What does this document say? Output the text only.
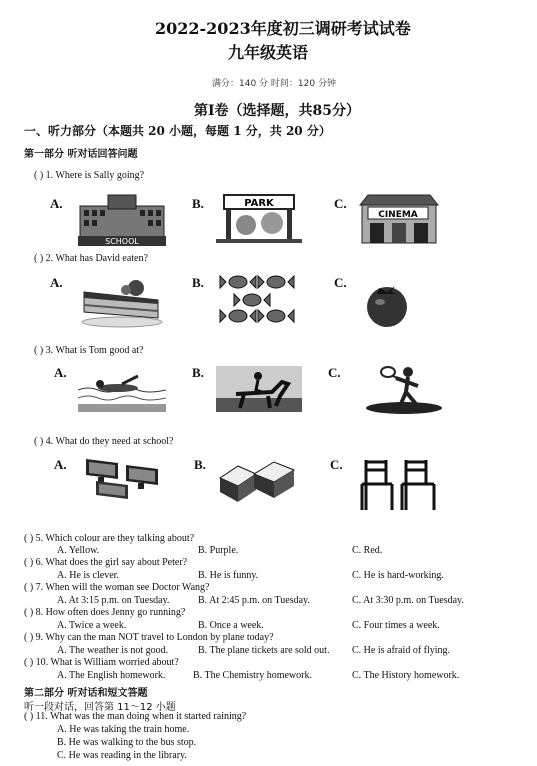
2022-2023年度初三调研考试试卷
九年级英语
满分：140 分 时间：120 分钟
第Ⅰ卷（选择题，共85分）
一、听力部分（本题共 20 小题，每题 1 分，共 20 分）
第一部分 听对话回答问题
( ) 1. Where is Sally going?
A.	B.	C.
SCHOOL
PARK
CINEMA
( ) 2. What has David eaten?
A.	B.	C.
( ) 3. What is Tom good at?
A.	B.	C.
( ) 4. What do they need at school?
A.	B.	C.
( ) 5. Which colour are they talking about?
A. Yellow.	B. Purple.	C. Red.
( ) 6. What does the girl say about Peter?
A. He is clever.	B. He is funny.	C. He is hard-working.
( ) 7. When will the woman see Doctor Wang?
A. At 3:15 p.m. on Tuesday.	B. At 2:45 p.m. on Tuesday.	C. At 3:30 p.m. on Tuesday.
( ) 8. How often does Jenny go running?
A. Twice a week.	B. Once a week.	C. Four times a week.
( ) 9. Why can the man NOT travel to London by plane today?
A. The weather is not good.	B. The plane tickets are sold out. C. He is afraid of flying.
( ) 10. What is William worried about?
A. The English homework.	B. The Chemistry homework.	C. The History homework.
第二部分 听对话和短文答题
听一段对话，回答第 11～12 小题
( ) 11. What was the man doing when it started raining?
A. He was taking the train home.
B. He was walking to the bus stop.
C. He was reading in the library.
